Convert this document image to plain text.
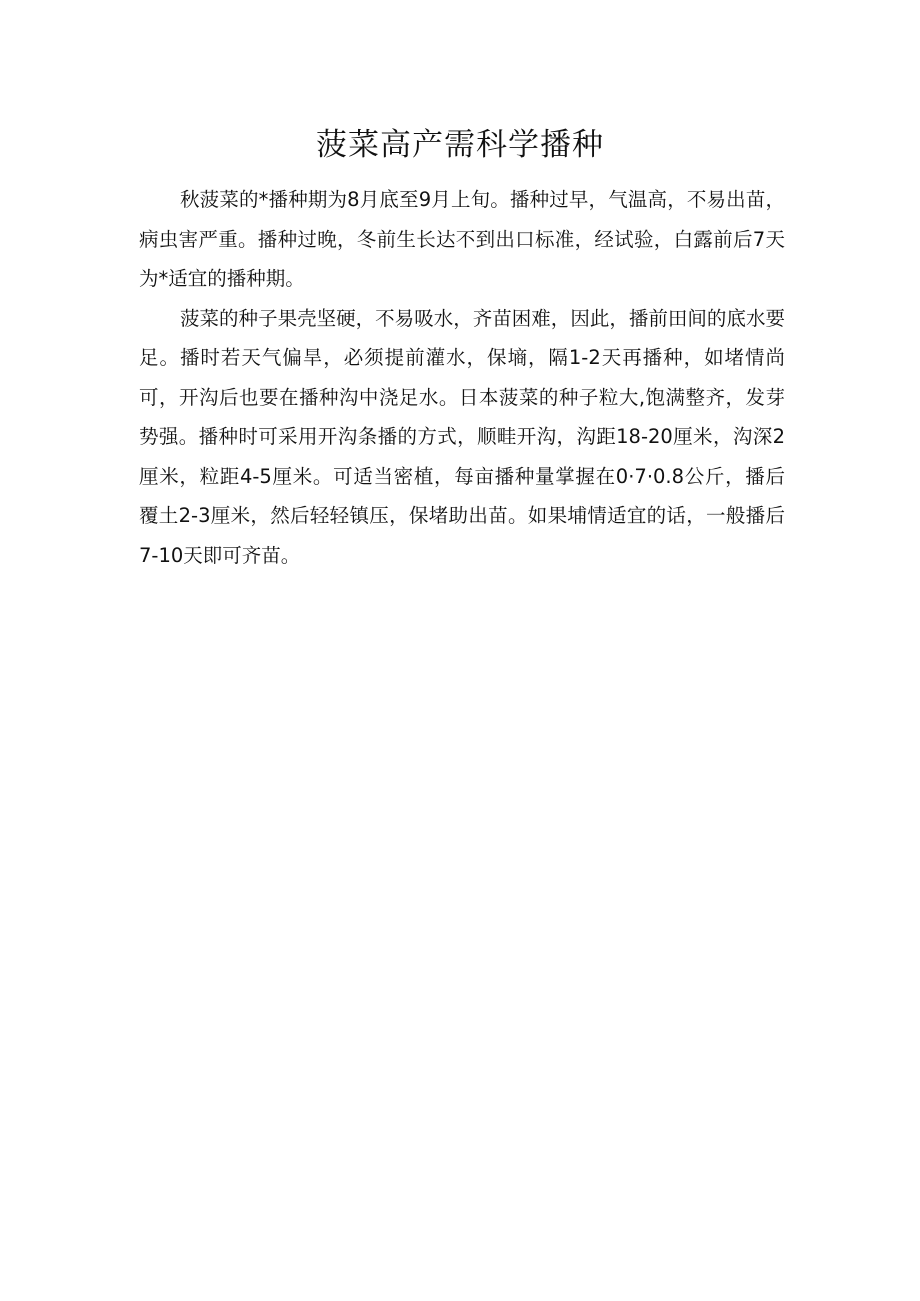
菠菜高产需科学播种

秋菠菜的*播种期为8月底至9月上旬。播种过早，气温高，不易出苗，病虫害严重。播种过晚，冬前生长达不到出口标准，经试验，白露前后7天为*适宜的播种期。

菠菜的种子果壳坚硬，不易吸水，齐苗困难，因此，播前田间的底水要足。播时若天气偏旱，必须提前灌水，保墒，隔1-2天再播种，如堵情尚可，开沟后也要在播种沟中浇足水。日本菠菜的种子粒大,饱满整齐，发芽势强。播种时可采用开沟条播的方式，顺畦开沟，沟距18-20厘米，沟深2厘米，粒距4-5厘米。可适当密植，每亩播种量掌握在0·7·0.8公斤，播后覆土2-3厘米，然后轻轻镇压，保堵助出苗。如果埔情适宜的话，一般播后7-10天即可齐苗。
